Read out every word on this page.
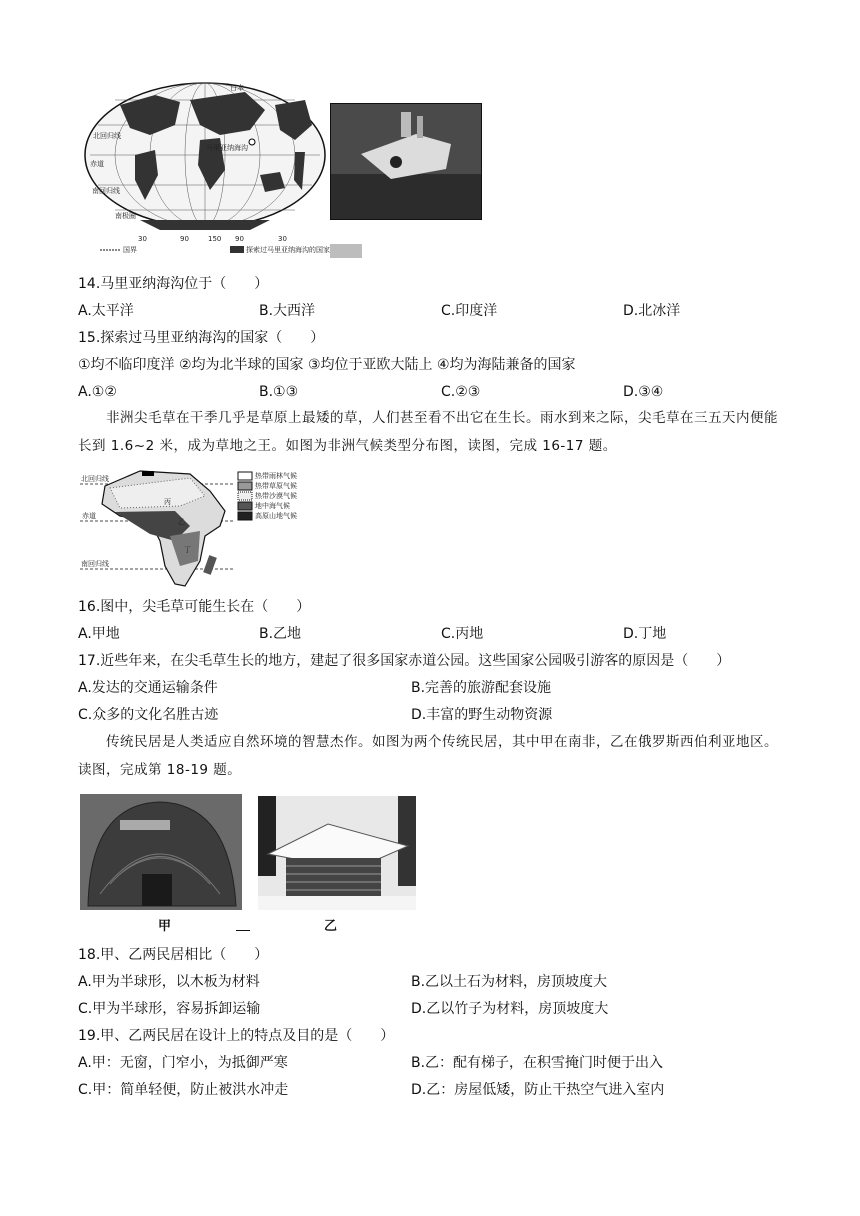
日本
北回归线
赤道
南回归线
南极圈
马里亚纳海沟
30	90	150 90	30
国界	探索过马里亚纳海沟的国家
14.马里亚纳海沟位于（　　）
A.太平洋	B.大西洋	C.印度洋	D.北冰洋
15.探索过马里亚纳海沟的国家（　　）
①均不临印度洋 ②均为北半球的国家 ③均位于亚欧大陆上 ④均为海陆兼备的国家
A.①②	B.①③	C.②③	D.③④
非洲尖毛草在干季几乎是草原上最矮的草，人们甚至看不出它在生长。雨水到来之际，尖毛草在三五天内便能长到 1.6~2 米，成为草地之王。如图为非洲气候类型分布图，读图，完成 16-17 题。
北回归线
赤道
南回归线
乙
丙
丁
热带雨林气候
热带草原气候
热带沙漠气候
地中海气候
高原山地气候
16.图中，尖毛草可能生长在（　　）
A.甲地	B.乙地	C.丙地	D.丁地
17.近些年来，在尖毛草生长的地方，建起了很多国家赤道公园。这些国家公园吸引游客的原因是（　　）
A.发达的交通运输条件	B.完善的旅游配套设施
C.众多的文化名胜古迹	D.丰富的野生动物资源
传统民居是人类适应自然环境的智慧杰作。如图为两个传统民居，其中甲在南非，乙在俄罗斯西伯利亚地区。读图，完成第 18-19 题。
甲	乙
18.甲、乙两民居相比（　　）
A.甲为半球形，以木板为材料	B.乙以土石为材料，房顶坡度大
C.甲为半球形，容易拆卸运输	D.乙以竹子为材料，房顶坡度大
19.甲、乙两民居在设计上的特点及目的是（　　）
A.甲：无窗，门窄小，为抵御严寒	B.乙：配有梯子，在积雪掩门时便于出入
C.甲：简单轻便，防止被洪水冲走	D.乙：房屋低矮，防止干热空气进入室内
